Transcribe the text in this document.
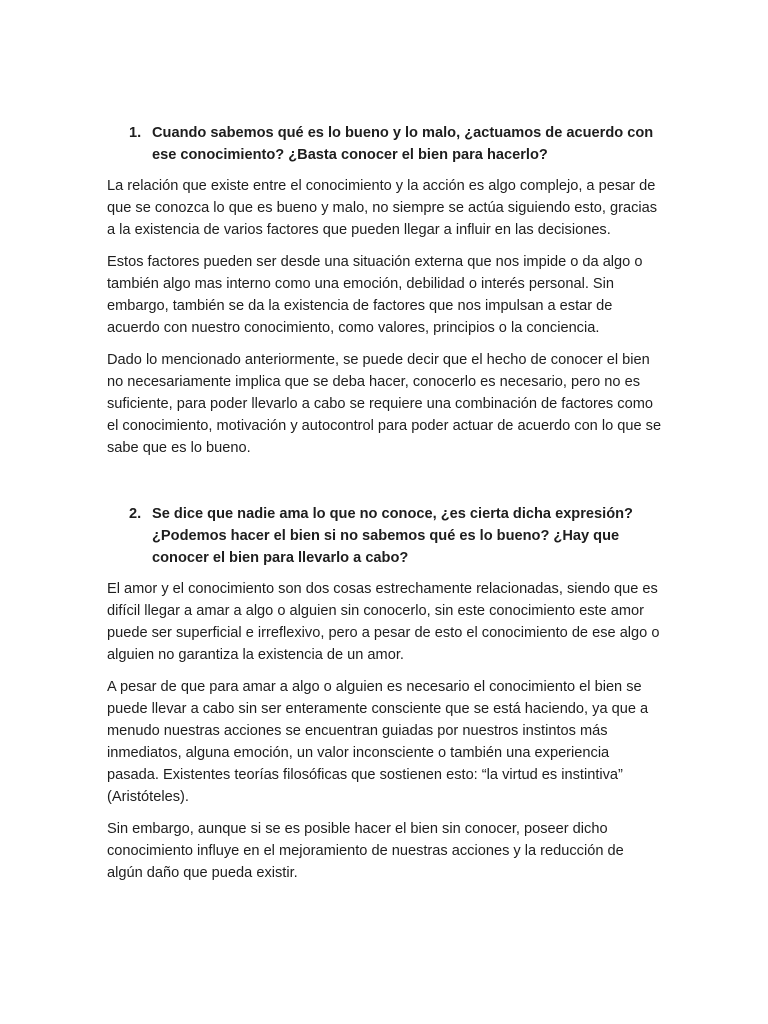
1. Cuando sabemos qué es lo bueno y lo malo, ¿actuamos de acuerdo con ese conocimiento? ¿Basta conocer el bien para hacerlo?

La relación que existe entre el conocimiento y la acción es algo complejo, a pesar de que se conozca lo que es bueno y malo, no siempre se actúa siguiendo esto, gracias a la existencia de varios factores que pueden llegar a influir en las decisiones.

Estos factores pueden ser desde una situación externa que nos impide o da algo o también algo mas interno como una emoción, debilidad o interés personal. Sin embargo, también se da la existencia de factores que nos impulsan a estar de acuerdo con nuestro conocimiento, como valores, principios o la conciencia.

Dado lo mencionado anteriormente, se puede decir que el hecho de conocer el bien no necesariamente implica que se deba hacer, conocerlo es necesario, pero no es suficiente, para poder llevarlo a cabo se requiere una combinación de factores como el conocimiento, motivación y autocontrol para poder actuar de acuerdo con lo que se sabe que es lo bueno.

2. Se dice que nadie ama lo que no conoce, ¿es cierta dicha expresión? ¿Podemos hacer el bien si no sabemos qué es lo bueno? ¿Hay que conocer el bien para llevarlo a cabo?

El amor y el conocimiento son dos cosas estrechamente relacionadas, siendo que es difícil llegar a amar a algo o alguien sin conocerlo, sin este conocimiento este amor puede ser superficial e irreflexivo, pero a pesar de esto el conocimiento de ese algo o alguien no garantiza la existencia de un amor.

A pesar de que para amar a algo o alguien es necesario el conocimiento el bien se puede llevar a cabo sin ser enteramente consciente que se está haciendo, ya que a menudo nuestras acciones se encuentran guiadas por nuestros instintos más inmediatos, alguna emoción, un valor inconsciente o también una experiencia pasada. Existentes teorías filosóficas que sostienen esto: “la virtud es instintiva” (Aristóteles).

Sin embargo, aunque si se es posible hacer el bien sin conocer, poseer dicho conocimiento influye en el mejoramiento de nuestras acciones y la reducción de algún daño que pueda existir.
